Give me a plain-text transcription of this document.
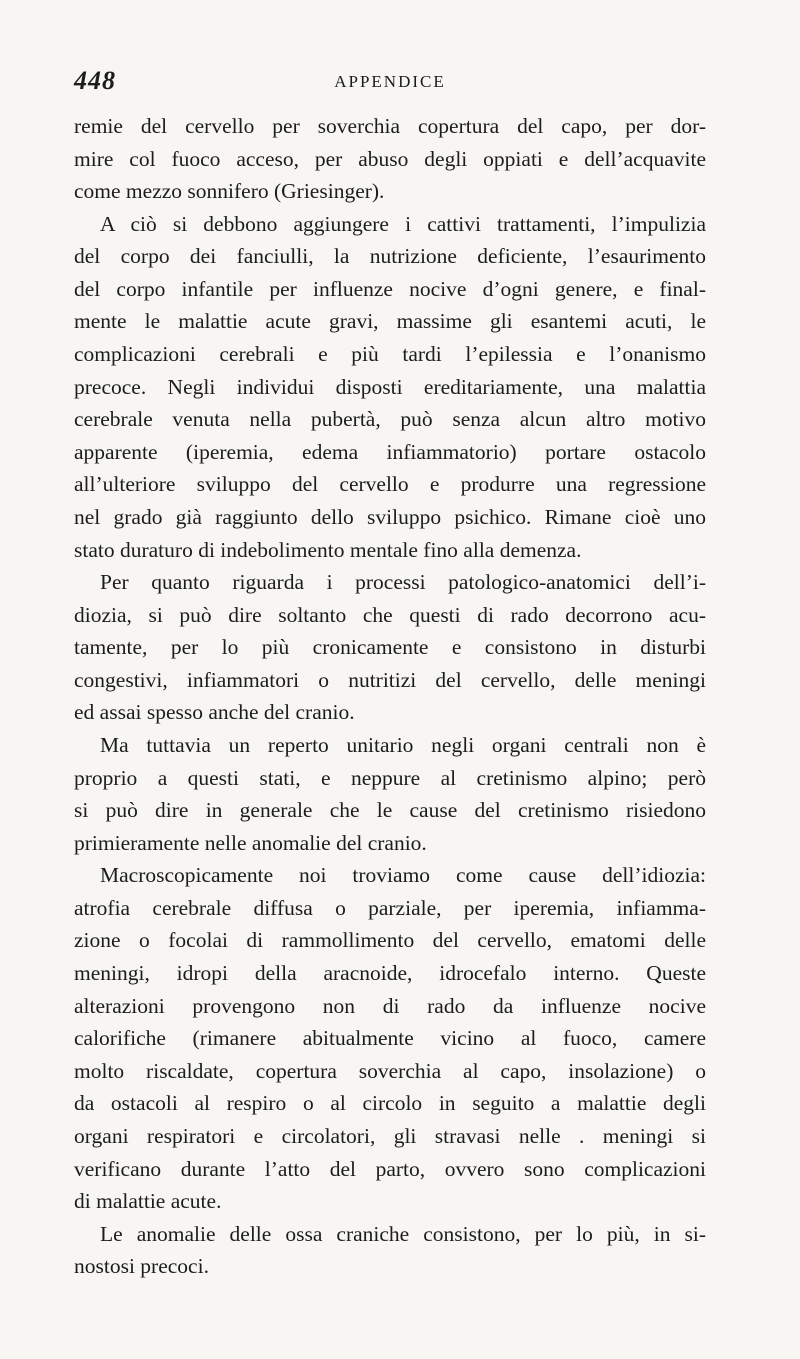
448	APPENDICE
remie del cervello per soverchia copertura del capo, per dor-
mire col fuoco acceso, per abuso degli oppiati e dell’acquavite
come mezzo sonnifero (Griesinger).
A ciò si debbono aggiungere i cattivi trattamenti, l’impulizia
del corpo dei fanciulli, la nutrizione deficiente, l’esaurimento
del corpo infantile per influenze nocive d’ogni genere, e final-
mente le malattie acute gravi, massime gli esantemi acuti, le
complicazioni cerebrali e più tardi l’epilessia e l’onanismo
precoce. Negli individui disposti ereditariamente, una malattia
cerebrale venuta nella pubertà, può senza alcun altro motivo
apparente (iperemia, edema infiammatorio) portare ostacolo
all’ulteriore sviluppo del cervello e produrre una regressione
nel grado già raggiunto dello sviluppo psichico. Rimane cioè uno
stato duraturo di indebolimento mentale fino alla demenza.
Per quanto riguarda i processi patologico-anatomici dell’i-
diozia, si può dire soltanto che questi di rado decorrono acu-
tamente, per lo più cronicamente e consistono in disturbi
congestivi, infiammatori o nutritizi del cervello, delle meningi
ed assai spesso anche del cranio.
Ma tuttavia un reperto unitario negli organi centrali non è
proprio a questi stati, e neppure al cretinismo alpino; però
si può dire in generale che le cause del cretinismo risiedono
primieramente nelle anomalie del cranio.
Macroscopicamente noi troviamo come cause dell’idiozia:
atrofia cerebrale diffusa o parziale, per iperemia, infiamma-
zione o focolai di rammollimento del cervello, ematomi delle
meningi, idropi della aracnoide, idrocefalo interno. Queste
alterazioni provengono non di rado da influenze nocive
calorifiche (rimanere abitualmente vicino al fuoco, camere
molto riscaldate, copertura soverchia al capo, insolazione) o
da ostacoli al respiro o al circolo in seguito a malattie degli
organi respiratori e circolatori, gli stravasi nelle . meningi si
verificano durante l’atto del parto, ovvero sono complicazioni
di malattie acute.
Le anomalie delle ossa craniche consistono, per lo più, in si-
nostosi precoci.
